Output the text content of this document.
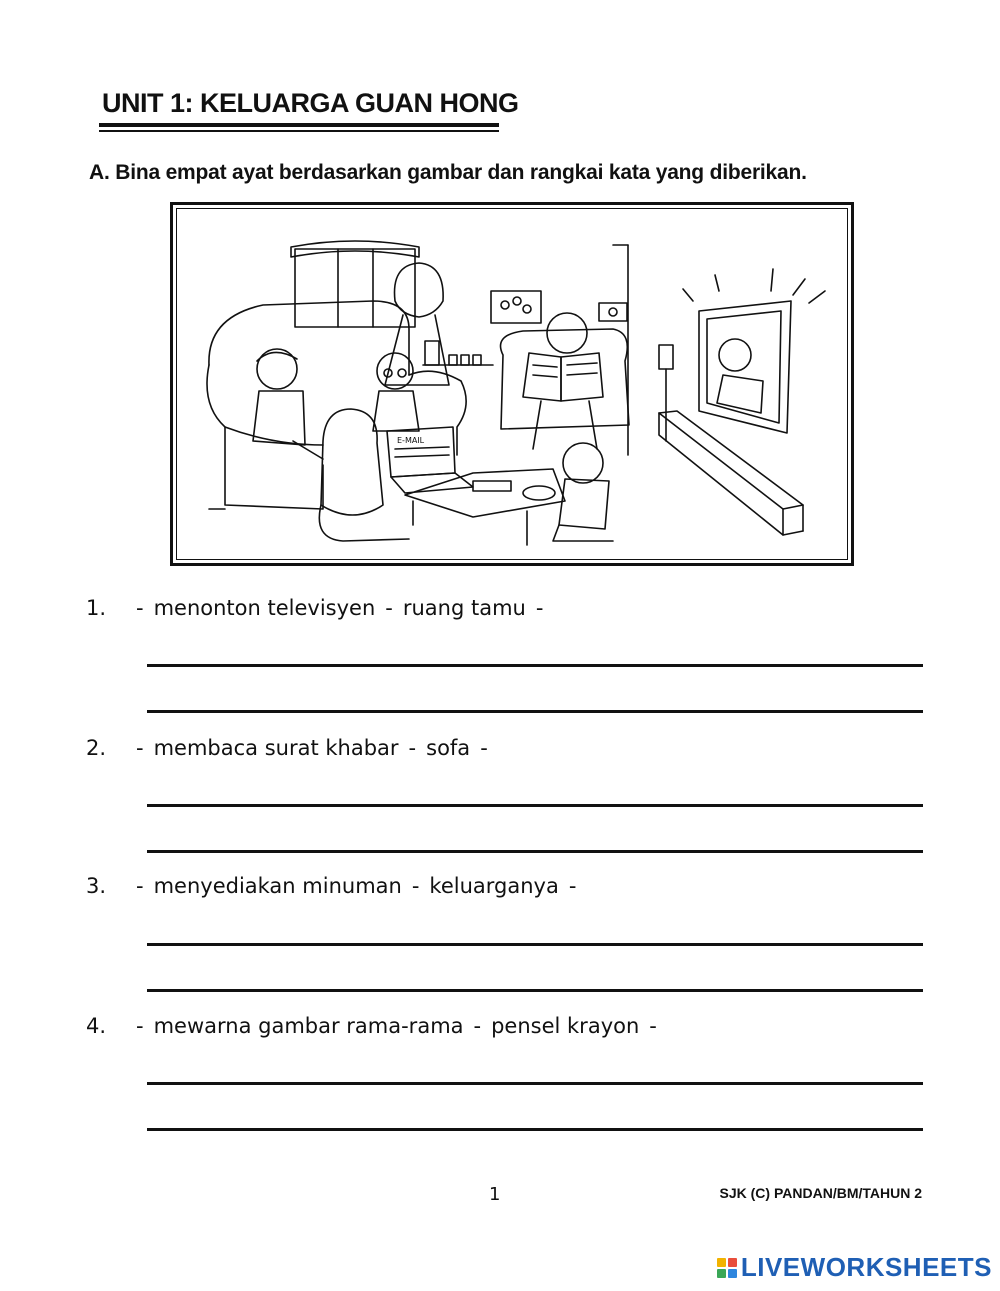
UNIT 1: KELUARGA GUAN HONG

A. Bina empat ayat berdasarkan gambar dan rangkai kata yang diberikan.

E-MAIL
1.	- menonton televisyen - ruang tamu -
2.	- membaca surat khabar - sofa -
3.	- menyediakan minuman - keluarganya -
4.	- mewarna gambar rama-rama - pensel krayon -
1	SJK (C) PANDAN/BM/TAHUN 2
LIVEWORKSHEETS
